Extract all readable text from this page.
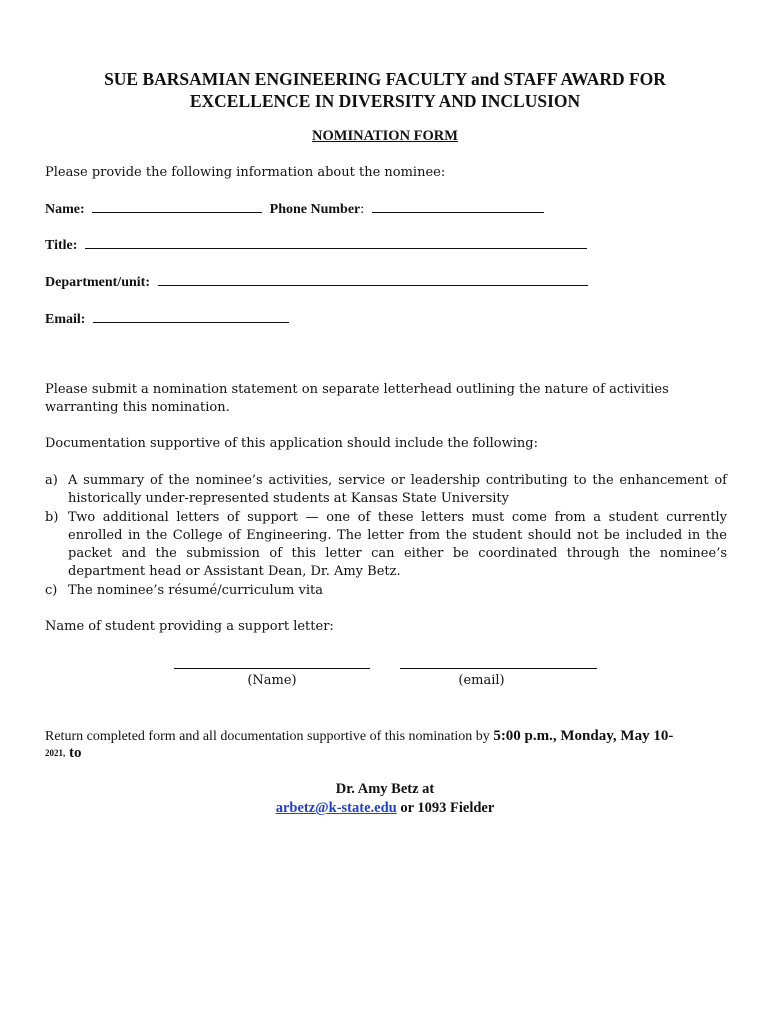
SUE BARSAMIAN ENGINEERING FACULTY and STAFF AWARD FOR
EXCELLENCE IN DIVERSITY AND INCLUSION
NOMINATION FORM
Please provide the following information about the nominee:
Name:	Phone Number:
Title:
Department/unit:
Email:
Please submit a nomination statement on separate letterhead outlining the nature of activities warranting this nomination.
Documentation supportive of this application should include the following:
a) A summary of the nominee’s activities, service or leadership contributing to the enhancement of historically under-represented students at Kansas State University
b) Two additional letters of support — one of these letters must come from a student currently enrolled in the College of Engineering. The letter from the student should not be included in the packet and the submission of this letter can either be coordinated through the nominee’s department head or Assistant Dean, Dr. Amy Betz.
c) The nominee’s résumé/curriculum vita
Name of student providing a support letter:
(Name)	(email)
Return completed form and all documentation supportive of this nomination by 5:00 p.m., Monday, May 10-
$^{2021,}$ to
Dr. Amy Betz at
arbetz@k-state.edu or 1093 Fielder
